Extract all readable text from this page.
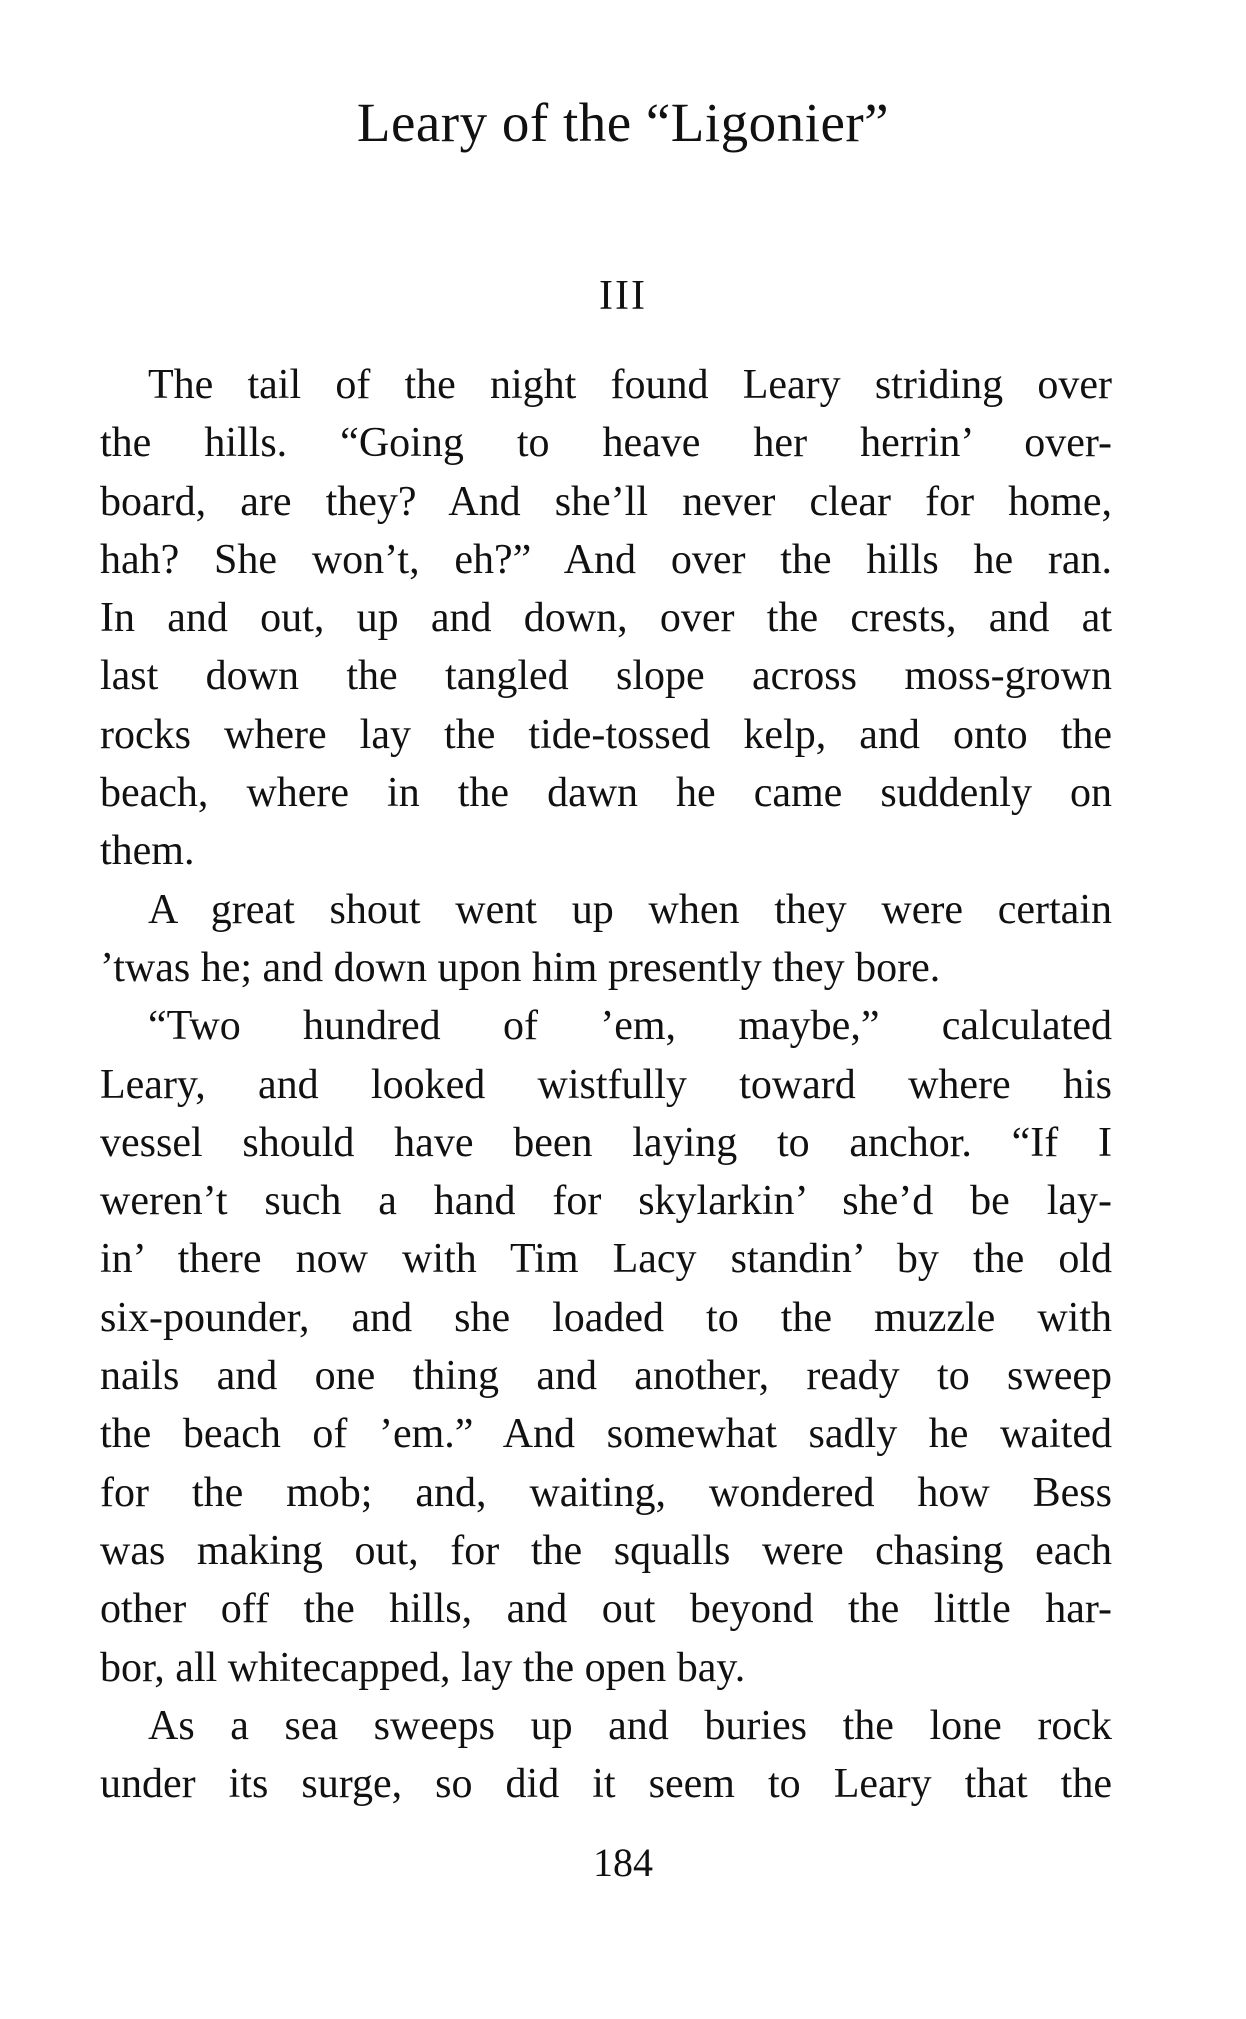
Leary of the “Ligonier”
III
The tail of the night found Leary striding over
the hills. “Going to heave her herrin’ over-
board, are they? And she’ll never clear for home,
hah? She won’t, eh?” And over the hills he ran.
In and out, up and down, over the crests, and at
last down the tangled slope across moss-grown
rocks where lay the tide-tossed kelp, and onto the
beach, where in the dawn he came suddenly on
them.
A great shout went up when they were certain
’twas he; and down upon him presently they bore.
“Two hundred of ’em, maybe,” calculated
Leary, and looked wistfully toward where his
vessel should have been laying to anchor. “If I
weren’t such a hand for skylarkin’ she’d be lay-
in’ there now with Tim Lacy standin’ by the old
six-pounder, and she loaded to the muzzle with
nails and one thing and another, ready to sweep
the beach of ’em.” And somewhat sadly he waited
for the mob; and, waiting, wondered how Bess
was making out, for the squalls were chasing each
other off the hills, and out beyond the little har-
bor, all whitecapped, lay the open bay.
As a sea sweeps up and buries the lone rock
under its surge, so did it seem to Leary that the
184
